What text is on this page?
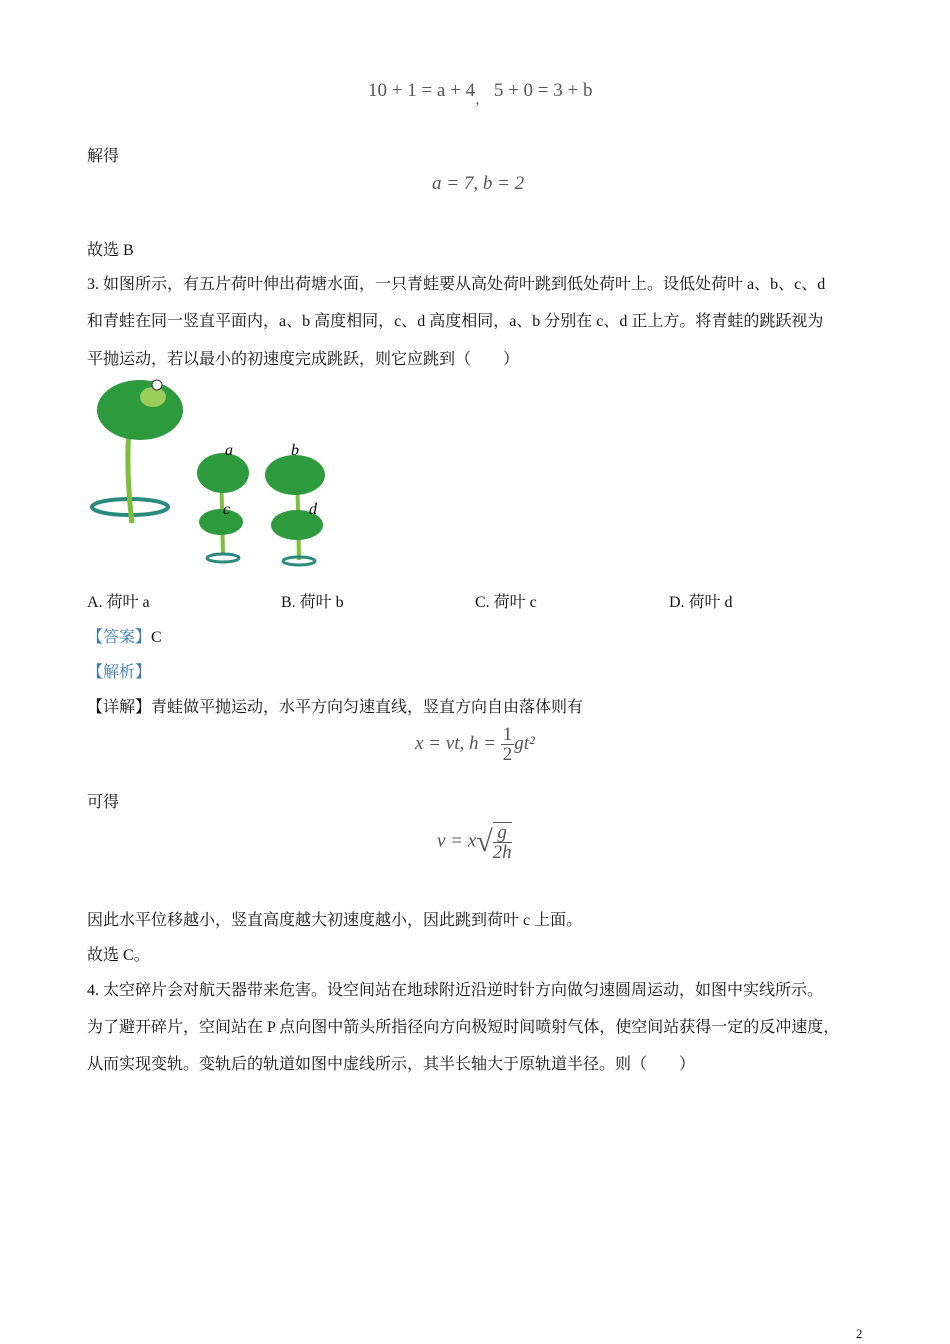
$10 + 1 = a + 4_,$ 5 + 0 = 3 + b
解得
a = 7, b = 2
故选 B
3. 如图所示，有五片荷叶伸出荷塘水面，一只青蛙要从高处荷叶跳到低处荷叶上。设低处荷叶 a、b、c、d
和青蛙在同一竖直平面内，a、b 高度相同，c、d 高度相同，a、b 分别在 c、d 正上方。将青蛙的跳跃视为
平抛运动，若以最小的初速度完成跳跃，则它应跳到（　　）
a	b
c	d
A. 荷叶 a	B. 荷叶 b	C. 荷叶 c	D. 荷叶 d
【答案】C
【解析】
【详解】青蛙做平抛运动，水平方向匀速直线，竖直方向自由落体则有
x = vt, $h = \frac{1}{2} gt^2$
可得
$v = x√ \frac{g}{2h}$
因此水平位移越小，竖直高度越大初速度越小，因此跳到荷叶 c 上面。
故选 C。
4. 太空碎片会对航天器带来危害。设空间站在地球附近沿逆时针方向做匀速圆周运动，如图中实线所示。
为了避开碎片，空间站在 P 点向图中箭头所指径向方向极短时间喷射气体，使空间站获得一定的反冲速度，
从而实现变轨。变轨后的轨道如图中虚线所示，其半长轴大于原轨道半径。则（　　）
2
